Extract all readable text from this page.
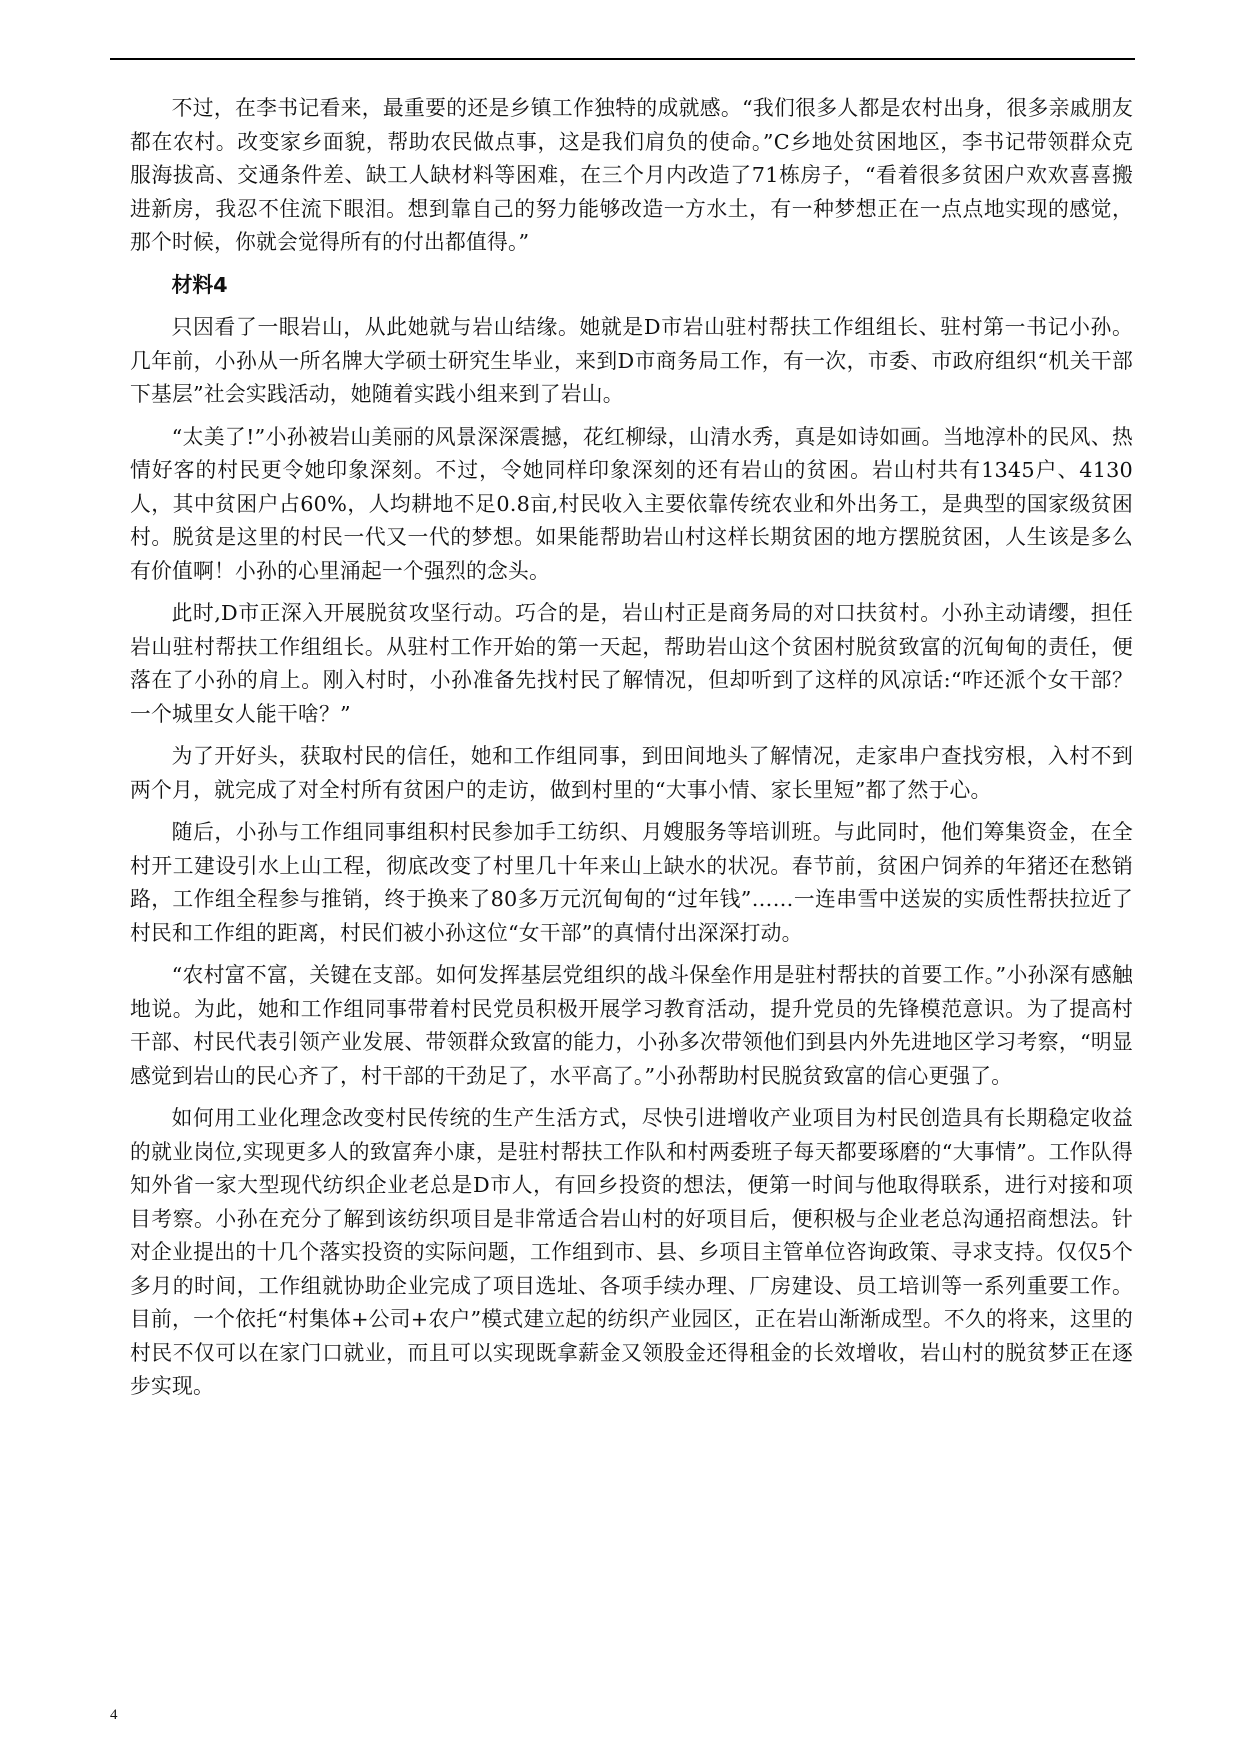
不过，在李书记看来，最重要的还是乡镇工作独特的成就感。“我们很多人都是农村出身，很多亲戚朋友都在农村。改变家乡面貌，帮助农民做点事，这是我们肩负的使命。”C乡地处贫困地区，李书记带领群众克服海拔高、交通条件差、缺工人缺材料等困难，在三个月内改造了71栋房子，“看着很多贫困户欢欢喜喜搬进新房，我忍不住流下眼泪。想到靠自己的努力能够改造一方水土，有一种梦想正在一点点地实现的感觉，那个时候，你就会觉得所有的付出都值得。”

材料4

只因看了一眼岩山，从此她就与岩山结缘。她就是D市岩山驻村帮扶工作组组长、驻村第一书记小孙。几年前，小孙从一所名牌大学硕士研究生毕业，来到D市商务局工作，有一次，市委、市政府组织“机关干部下基层”社会实践活动，她随着实践小组来到了岩山。

“太美了!”小孙被岩山美丽的风景深深震撼，花红柳绿，山清水秀，真是如诗如画。当地淳朴的民风、热情好客的村民更令她印象深刻。不过，令她同样印象深刻的还有岩山的贫困。岩山村共有1345户、4130人，其中贫困户占60%，人均耕地不足0.8亩,村民收入主要依靠传统农业和外出务工，是典型的国家级贫困村。脱贫是这里的村民一代又一代的梦想。如果能帮助岩山村这样长期贫困的地方摆脱贫困，人生该是多么有价值啊！小孙的心里涌起一个强烈的念头。

此时,D市正深入开展脱贫攻坚行动。巧合的是，岩山村正是商务局的对口扶贫村。小孙主动请缨，担任岩山驻村帮扶工作组组长。从驻村工作开始的第一天起，帮助岩山这个贫困村脱贫致富的沉甸甸的责任，便落在了小孙的肩上。刚入村时，小孙准备先找村民了解情况，但却听到了这样的风凉话:“咋还派个女干部？一个城里女人能干啥？”

为了开好头，获取村民的信任，她和工作组同事，到田间地头了解情况，走家串户查找穷根，入村不到两个月，就完成了对全村所有贫困户的走访，做到村里的“大事小情、家长里短”都了然于心。

随后，小孙与工作组同事组积村民参加手工纺织、月嫂服务等培训班。与此同时，他们筹集资金，在全村开工建设引水上山工程，彻底改变了村里几十年来山上缺水的状况。春节前，贫困户饲养的年猪还在愁销路，工作组全程参与推销，终于换来了80多万元沉甸甸的“过年钱”……一连串雪中送炭的实质性帮扶拉近了村民和工作组的距离，村民们被小孙这位“女干部”的真情付出深深打动。

“农村富不富，关键在支部。如何发挥基层党组织的战斗保垒作用是驻村帮扶的首要工作。”小孙深有感触地说。为此，她和工作组同事带着村民党员积极开展学习教育活动，提升党员的先锋模范意识。为了提高村干部、村民代表引领产业发展、带领群众致富的能力，小孙多次带领他们到县内外先进地区学习考察，“明显感觉到岩山的民心齐了，村干部的干劲足了，水平高了。”小孙帮助村民脱贫致富的信心更强了。

如何用工业化理念改变村民传统的生产生活方式，尽快引进增收产业项目为村民创造具有长期稳定收益的就业岗位,实现更多人的致富奔小康，是驻村帮扶工作队和村两委班子每天都要琢磨的“大事情”。工作队得知外省一家大型现代纺织企业老总是D市人，有回乡投资的想法，便第一时间与他取得联系，进行对接和项目考察。小孙在充分了解到该纺织项目是非常适合岩山村的好项目后，便积极与企业老总沟通招商想法。针对企业提出的十几个落实投资的实际问题，工作组到市、县、乡项目主管单位咨询政策、寻求支持。仅仅5个多月的时间，工作组就协助企业完成了项目选址、各项手续办理、厂房建设、员工培训等一系列重要工作。目前，一个依托“村集体+公司+农户”模式建立起的纺织产业园区，正在岩山渐渐成型。不久的将来，这里的村民不仅可以在家门口就业，而且可以实现既拿薪金又领股金还得租金的长效增收，岩山村的脱贫梦正在逐步实现。

4
